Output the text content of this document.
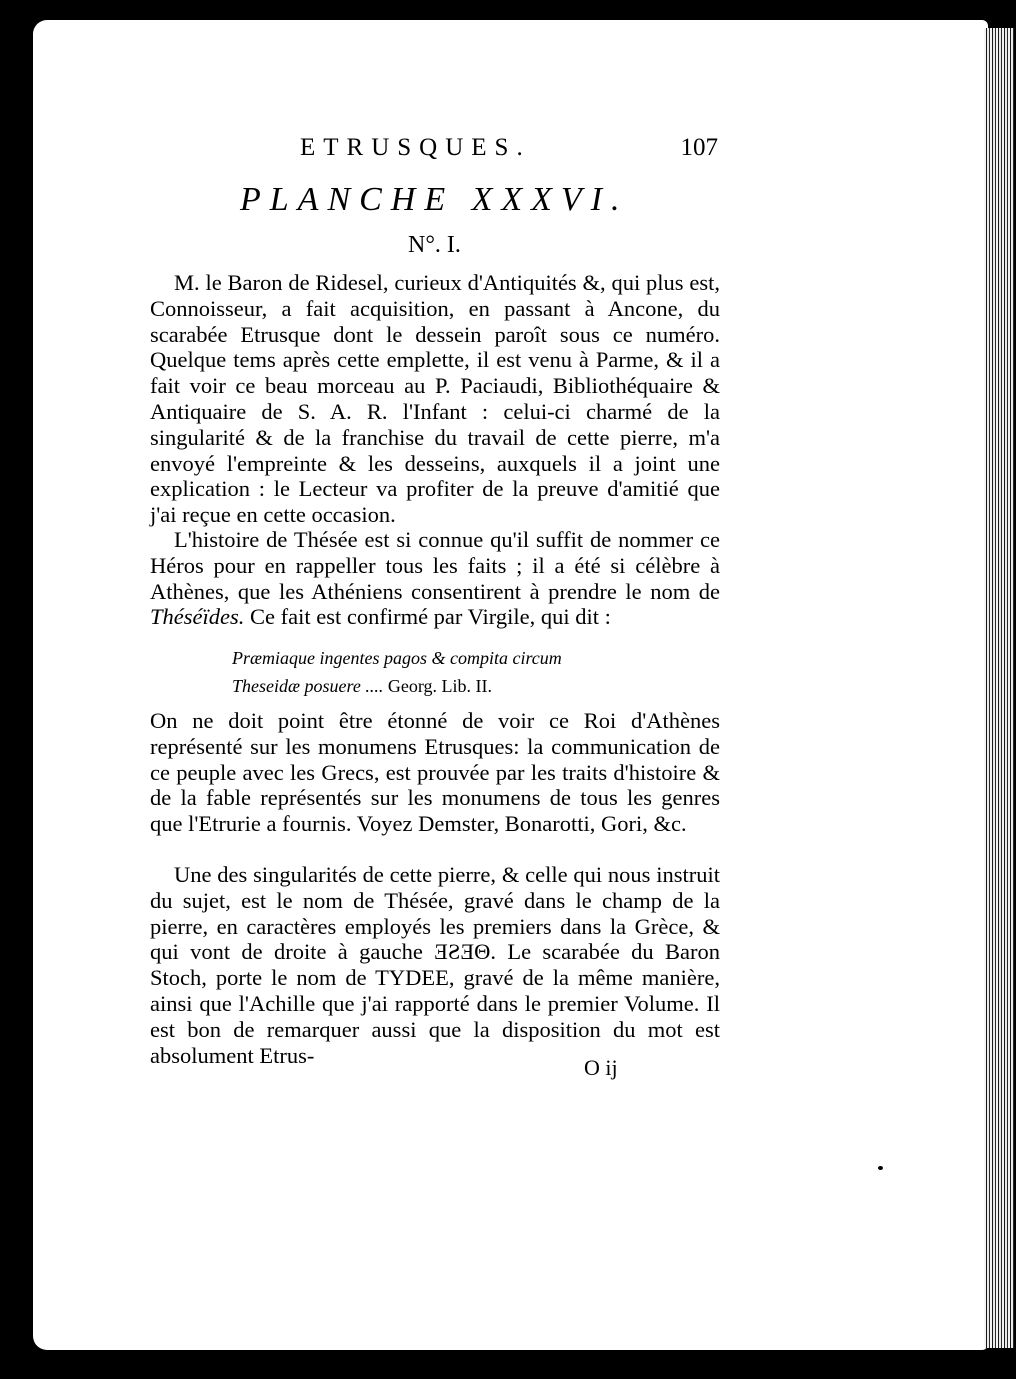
ETRUSQUES.	107
PLANCHE XXXVI.
N°. I.

M. le Baron de Ridesel, curieux d'Antiquités &, qui plus est, Connoisseur, a fait acquisition, en passant à Ancone, du scarabée Etrusque dont le dessein paroît sous ce numéro. Quelque tems après cette emplette, il est venu à Parme, & il a fait voir ce beau morceau au P. Paciaudi, Bibliothéquaire & Antiquaire de S. A. R. l'Infant : celui-ci charmé de la singularité & de la franchise du travail de cette pierre, m'a envoyé l'empreinte & les desseins, auxquels il a joint une explication : le Lecteur va profiter de la preuve d'amitié que j'ai reçue en cette occasion.

L'histoire de Thésée est si connue qu'il suffit de nommer ce Héros pour en rappeller tous les faits ; il a été si célèbre à Athènes, que les Athéniens consentirent à prendre le nom de Théséïdes. Ce fait est confirmé par Virgile, qui dit :

Præmiaque ingentes pagos & compita circum
Theseidæ posuere .... Georg. Lib. II.

On ne doit point être étonné de voir ce Roi d'Athènes représenté sur les monumens Etrusques: la communication de ce peuple avec les Grecs, est prouvée par les traits d'histoire & de la fable représentés sur les monumens de tous les genres que l'Etrurie a fournis. Voyez Demster, Bonarotti, Gori, &c.

Une des singularités de cette pierre, & celle qui nous instruit du sujet, est le nom de Thésée, gravé dans le champ de la pierre, en caractères employés les premiers dans la Grèce, & qui vont de droite à gauche ƎƧƎΘ. Le scarabée du Baron Stoch, porte le nom de TYDEE, gravé de la même manière, ainsi que l'Achille que j'ai rapporté dans le premier Volume. Il est bon de remarquer aussi que la disposition du mot est absolument Etrus-	O ij
